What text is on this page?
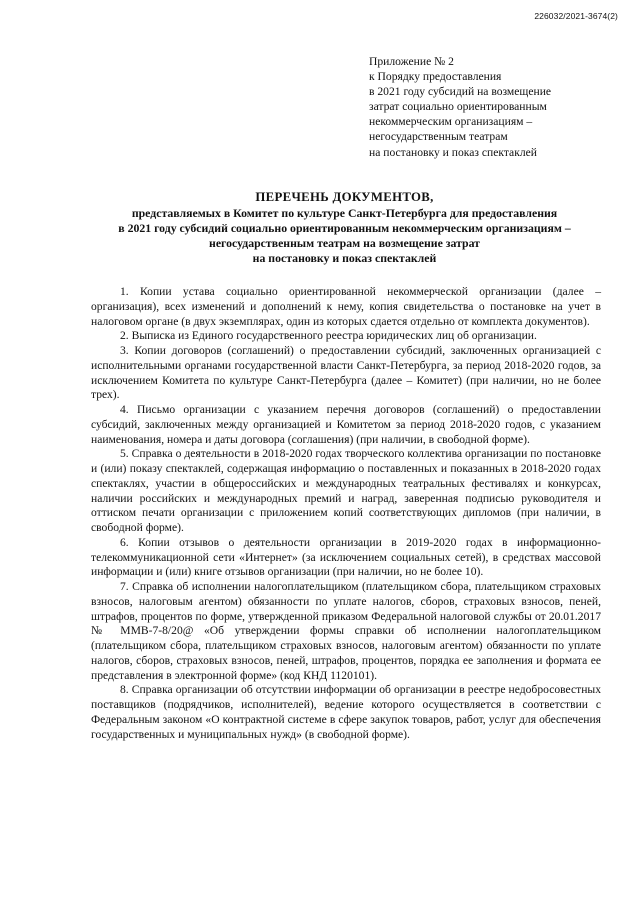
226032/2021-3674(2)
Приложение № 2
к Порядку предоставления
в 2021 году субсидий на возмещение
затрат социально ориентированным
некоммерческим организациям –
негосударственным театрам
на постановку и показ спектаклей
ПЕРЕЧЕНЬ ДОКУМЕНТОВ,
представляемых в Комитет по культуре Санкт-Петербурга для предоставления
в 2021 году субсидий социально ориентированным некоммерческим организациям –
негосударственным театрам на возмещение затрат
на постановку и показ спектаклей

1. Копии устава социально ориентированной некоммерческой организации (далее – организация), всех изменений и дополнений к нему, копия свидетельства о постановке на учет в налоговом органе (в двух экземплярах, один из которых сдается отдельно от комплекта документов).

2. Выписка из Единого государственного реестра юридических лиц об организации.

3. Копии договоров (соглашений) о предоставлении субсидий, заключенных организацией с исполнительными органами государственной власти Санкт-Петербурга, за период 2018-2020 годов, за исключением Комитета по культуре Санкт-Петербурга (далее – Комитет) (при наличии, но не более трех).

4. Письмо организации с указанием перечня договоров (соглашений) о предоставлении субсидий, заключенных между организацией и Комитетом за период 2018-2020 годов, с указанием наименования, номера и даты договора (соглашения) (при наличии, в свободной форме).

5. Справка о деятельности в 2018-2020 годах творческого коллектива организации по постановке и (или) показу спектаклей, содержащая информацию о поставленных и показанных в 2018-2020 годах спектаклях, участии в общероссийских и международных театральных фестивалях и конкурсах, наличии российских и международных премий и наград, заверенная подписью руководителя и оттиском печати организации с приложением копий соответствующих дипломов (при наличии, в свободной форме).

6. Копии отзывов о деятельности организации в 2019-2020 годах в информационно-телекоммуникационной сети «Интернет» (за исключением социальных сетей), в средствах массовой информации и (или) книге отзывов организации (при наличии, но не более 10).

7. Справка об исполнении налогоплательщиком (плательщиком сбора, плательщиком страховых взносов, налоговым агентом) обязанности по уплате налогов, сборов, страховых взносов, пеней, штрафов, процентов по форме, утвержденной приказом Федеральной налоговой службы от 20.01.2017 № ММВ-7-8/20@ «Об утверждении формы справки об исполнении налогоплательщиком (плательщиком сбора, плательщиком страховых взносов, налоговым агентом) обязанности по уплате налогов, сборов, страховых взносов, пеней, штрафов, процентов, порядка ее заполнения и формата ее представления в электронной форме» (код КНД 1120101).

8. Справка организации об отсутствии информации об организации в реестре недобросовестных поставщиков (подрядчиков, исполнителей), ведение которого осуществляется в соответствии с Федеральным законом «О контрактной системе в сфере закупок товаров, работ, услуг для обеспечения государственных и муниципальных нужд» (в свободной форме).
